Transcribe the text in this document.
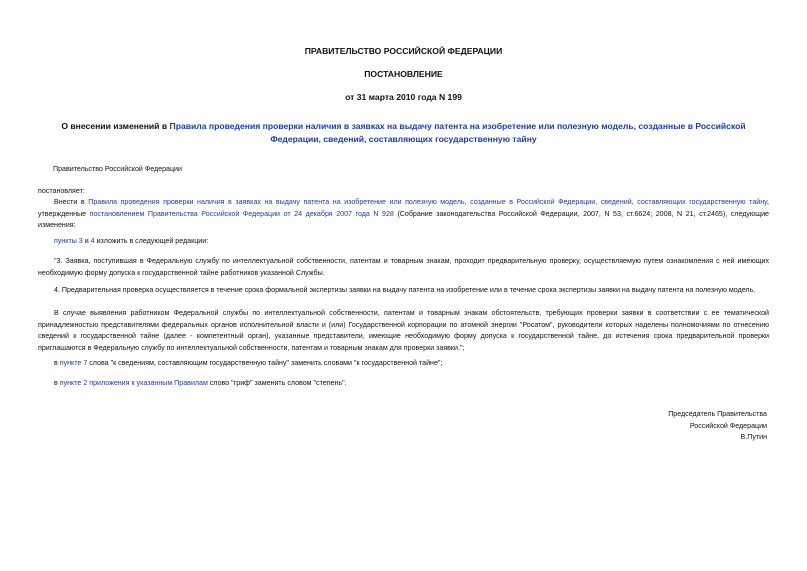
ПРАВИТЕЛЬСТВО РОССИЙСКОЙ ФЕДЕРАЦИИ
ПОСТАНОВЛЕНИЕ
от 31 марта 2010 года N 199
О внесении изменений в Правила проведения проверки наличия в заявках на выдачу патента на изобретение или полезную модель, созданные в Российской Федерации, сведений, составляющих государственную тайну
Правительство Российской Федерации
постановляет:
Внести в Правила проведения проверки наличия в заявках на выдачу патента на изобретение или полезную модель, созданные в Российской Федерации, сведений, составляющих государственную тайну, утвержденные постановлением Правительства Российской Федерации от 24 декабря 2007 года N 928 (Собрание законодательства Российской Федерации, 2007, N 53, ст.6624; 2008, N 21, ст.2465), следующие изменения:
пункты 3 и 4 изложить в следующей редакции:
"3. Заявка, поступившая в Федеральную службу по интеллектуальной собственности, патентам и товарным знакам, проходит предварительную проверку, осуществляемую путем ознакомления с ней имеющих необходимую форму допуска к государственной тайне работников указанной Службы.
4. Предварительная проверка осуществляется в течение срока формальной экспертизы заявки на выдачу патента на изобретение или в течение срока экспертизы заявки на выдачу патента на полезную модель.
В случае выявления работником Федеральной службы по интеллектуальной собственности, патентам и товарным знакам обстоятельств, требующих проверки заявки в соответствии с ее тематической принадлежностью представителями федеральных органов исполнительной власти и (или) Государственной корпорации по атомной энергии "Росатом", руководители которых наделены полномочиями по отнесению сведений к государственной тайне (далее - компетентный орган), указанные представители, имеющие необходимую форму допуска к государственной тайне, до истечения срока предварительной проверки приглашаются в Федеральную службу по интеллектуальной собственности, патентам и товарным знакам для проверки заявки.";
в пункте 7 слова "к сведениям, составляющим государственную тайну" заменить словами "к государственной тайне";
в пункте 2 приложения к указанным Правилам слово "гриф" заменить словом "степень".
Председатель Правительства
Российской Федерации
В.Путин
